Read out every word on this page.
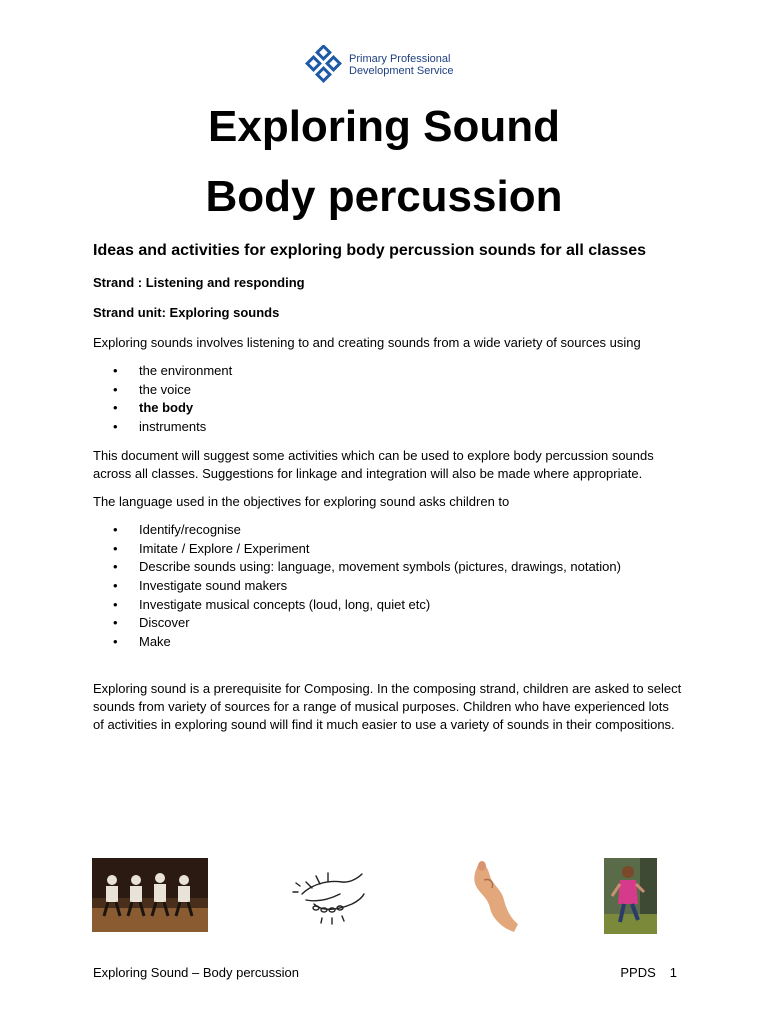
Primary Professional
Development Service
Exploring Sound
Body percussion

Ideas and activities for exploring body percussion sounds for all classes

Strand : Listening and responding

Strand unit: Exploring sounds

Exploring sounds involves listening to and creating sounds from a wide variety of sources using

• the environment
• the voice
• the body
• instruments

This document will suggest some activities which can be used to explore body percussion sounds across all classes. Suggestions for linkage and integration will also be made where appropriate.

The language used in the objectives for exploring sound asks children to

• Identify/recognise
• Imitate / Explore / Experiment
• Describe sounds using: language, movement symbols (pictures, drawings, notation)
• Investigate sound makers
• Investigate musical concepts (loud, long, quiet etc)
• Discover
• Make

Exploring sound is a prerequisite for Composing. In the composing strand, children are asked to select sounds from variety of sources for a range of musical purposes. Children who have experienced lots of activities in exploring sound will find it much easier to use a variety of sounds in their compositions.

Exploring Sound – Body percussion	PPDS 1
